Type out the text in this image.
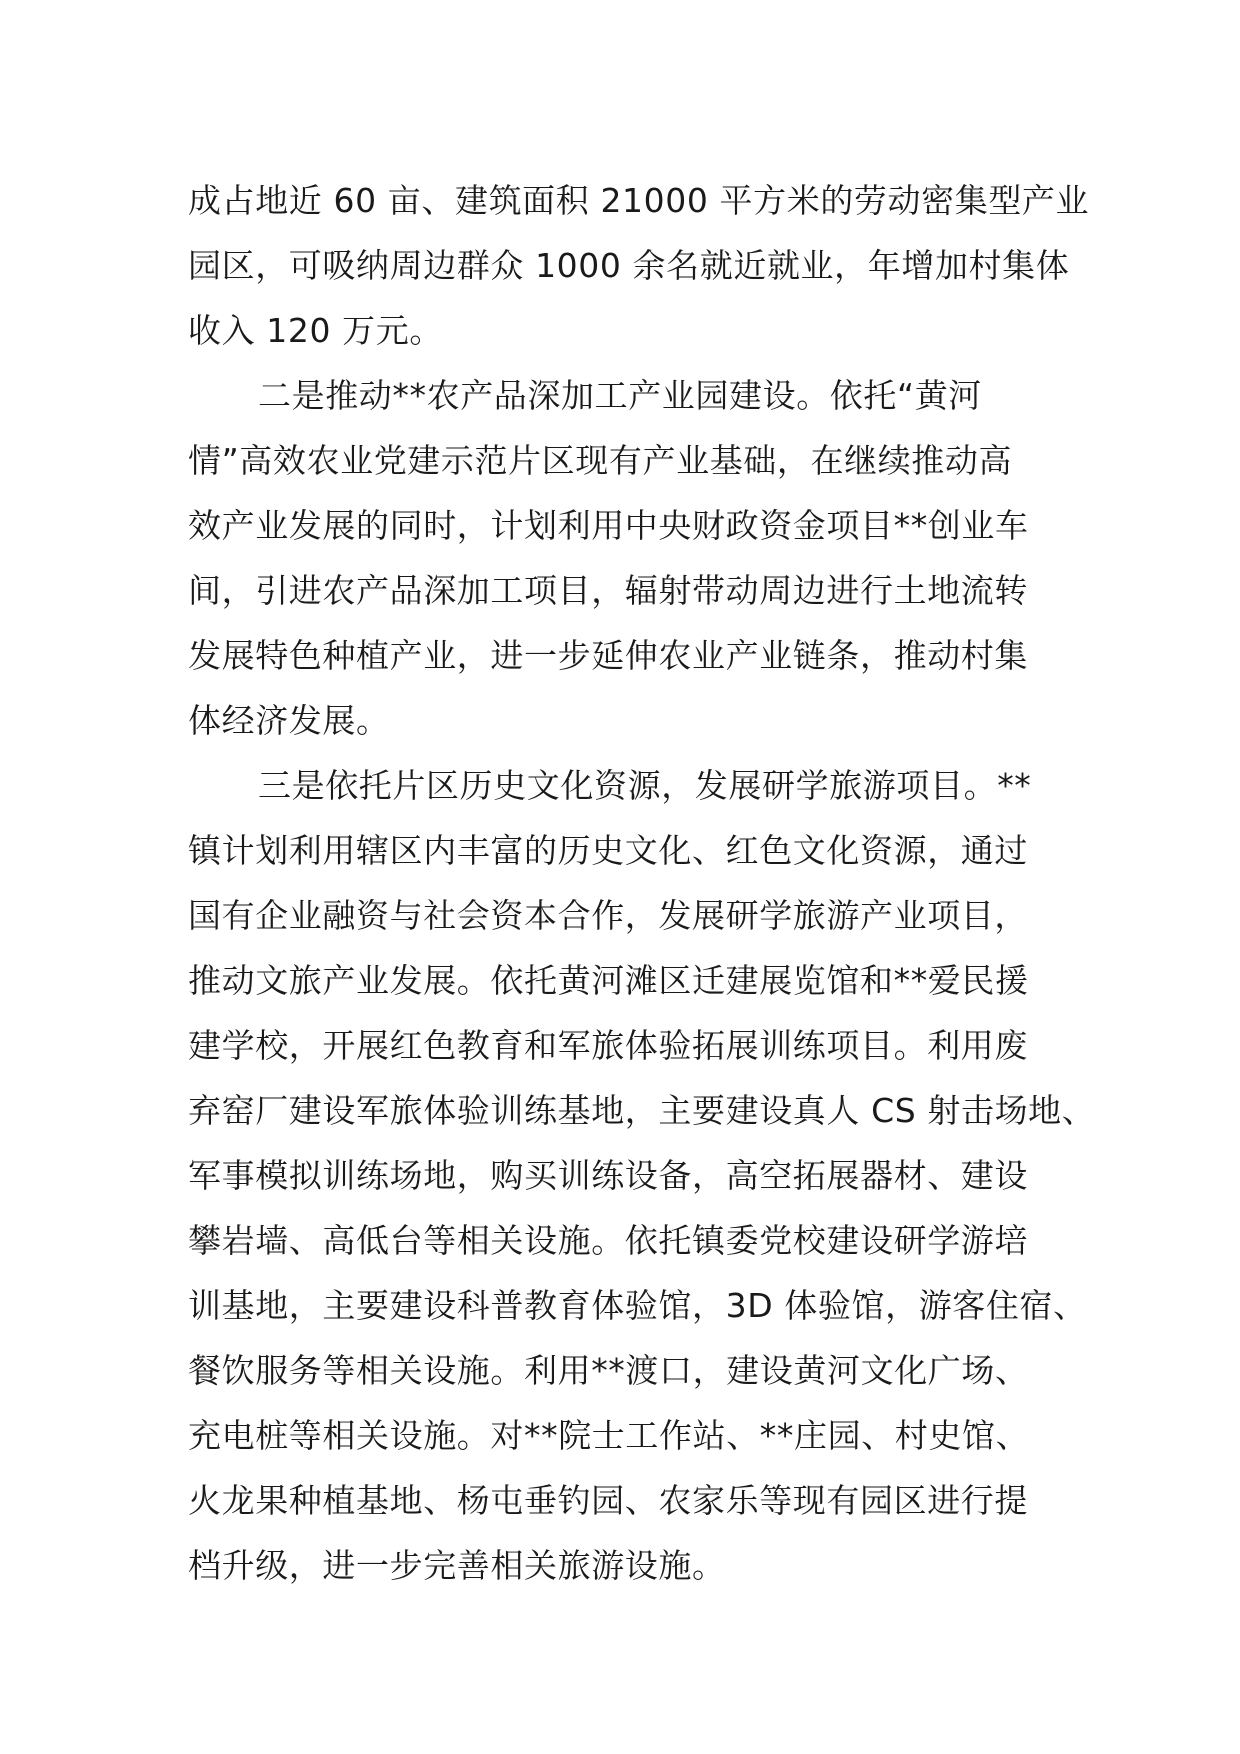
成占地近 60 亩、建筑面积 21000 平方米的劳动密集型产业
园区，可吸纳周边群众 1000 余名就近就业，年增加村集体
收入 120 万元。
二是推动**农产品深加工产业园建设。依托“黄河
情”高效农业党建示范片区现有产业基础，在继续推动高
效产业发展的同时，计划利用中央财政资金项目**创业车
间，引进农产品深加工项目，辐射带动周边进行土地流转
发展特色种植产业，进一步延伸农业产业链条，推动村集
体经济发展。
三是依托片区历史文化资源，发展研学旅游项目。**
镇计划利用辖区内丰富的历史文化、红色文化资源，通过
国有企业融资与社会资本合作，发展研学旅游产业项目，
推动文旅产业发展。依托黄河滩区迁建展览馆和**爱民援
建学校，开展红色教育和军旅体验拓展训练项目。利用废
弃窑厂建设军旅体验训练基地，主要建设真人 CS 射击场地、
军事模拟训练场地，购买训练设备，高空拓展器材、建设
攀岩墙、高低台等相关设施。依托镇委党校建设研学游培
训基地，主要建设科普教育体验馆，3D 体验馆，游客住宿、
餐饮服务等相关设施。利用**渡口，建设黄河文化广场、
充电桩等相关设施。对**院士工作站、**庄园、村史馆、
火龙果种植基地、杨屯垂钓园、农家乐等现有园区进行提
档升级，进一步完善相关旅游设施。
